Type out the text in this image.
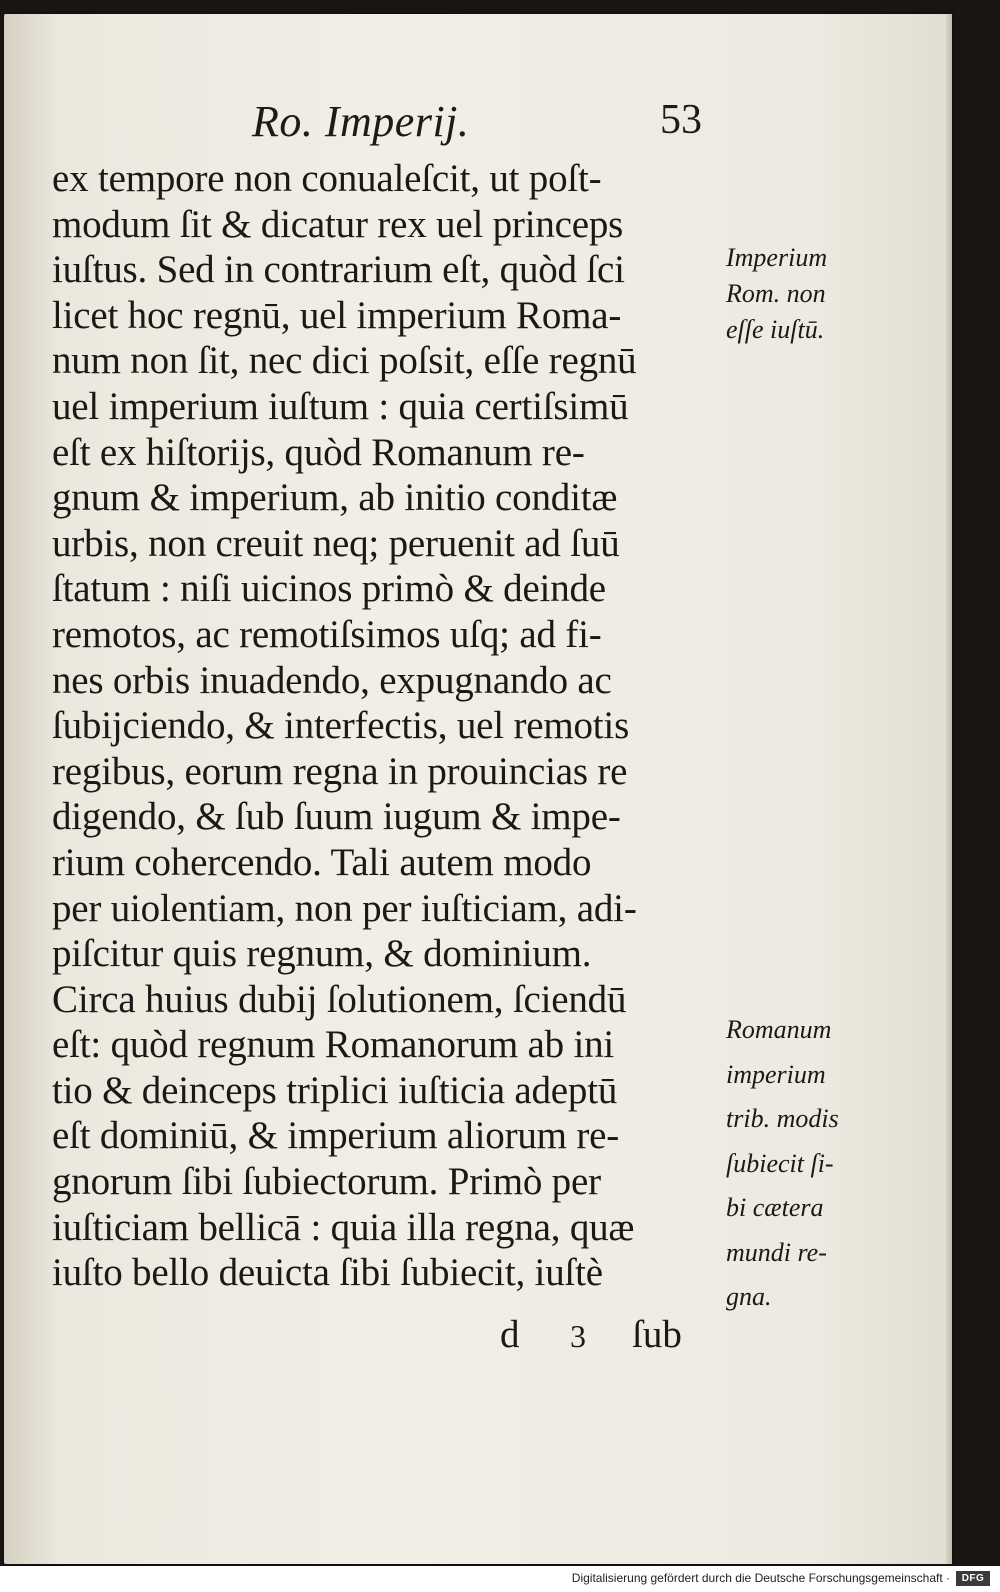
Ro. Imperij.	53
ex tempore non conualeſcit, ut poſt-
modum ſit & dicatur rex uel princeps
iuſtus. Sed in contrarium eſt, quòd ſci
licet hoc regnū, uel imperium Roma-
num non ſit, nec dici poſsit, eſſe regnū
uel imperium iuſtum : quia certiſsimū
eſt ex hiſtorijs, quòd Romanum re-
gnum & imperium, ab initio conditæ
urbis, non creuit neq; peruenit ad ſuū
ſtatum : niſi uicinos primò & deinde
remotos, ac remotiſsimos uſq; ad fi-
nes orbis inuadendo, expugnando ac
ſubijciendo, & interfectis, uel remotis
regibus, eorum regna in prouincias re
digendo, & ſub ſuum iugum & impe-
rium cohercendo. Tali autem modo
per uiolentiam, non per iuſticiam, adi-
piſcitur quis regnum, & dominium.
Circa huius dubij ſolutionem, ſciendū
eſt: quòd regnum Romanorum ab ini
tio & deinceps triplici iuſticia adeptū
eſt dominiū, & imperium aliorum re-
gnorum ſibi ſubiectorum. Primò per
iuſticiam bellicā : quia illa regna, quæ
iuſto bello deuicta ſibi ſubiecit, iuſtè
Imperium
Rom. non
eſſe iuſtū.
Romanum
imperium
trib. modis
ſubiecit ſi-
bi cætera
mundi re-
gna.
d 3 ſub
Digitalisierung gefördert durch die Deutsche Forschungsgemeinschaft ·	DFG
